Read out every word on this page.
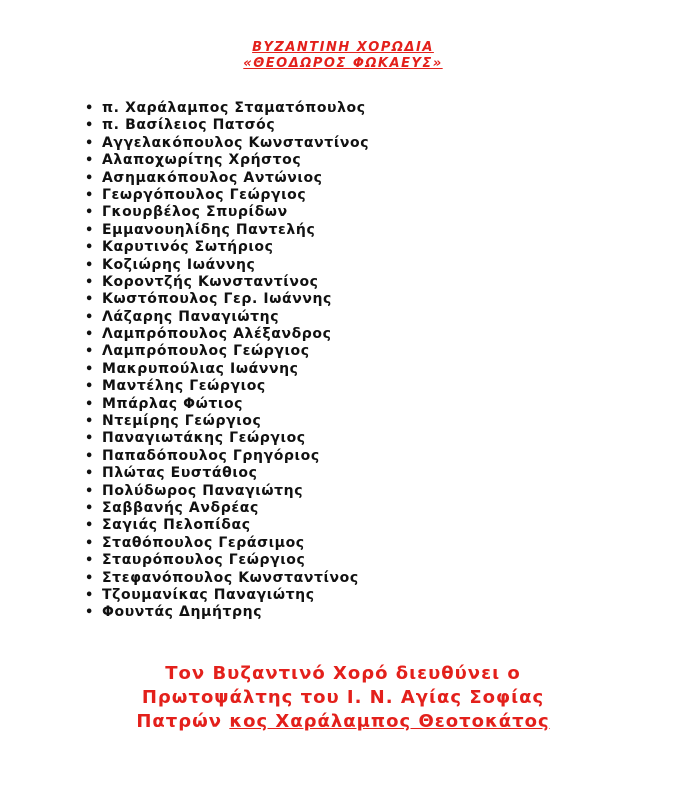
ΒΥΖΑΝΤΙΝΗ ΧΟΡΩΔΙΑ
«ΘΕΟΔΩΡΟΣ ΦΩΚΑΕΥΣ»
• π. Χαράλαμπος Σταματόπουλος
• π. Βασίλειος Πατσός
• Αγγελακόπουλος Κωνσταντίνος
• Αλαποχωρίτης Χρήστος
• Ασημακόπουλος Αντώνιος
• Γεωργόπουλος Γεώργιος
• Γκουρβέλος Σπυρίδων
• Εμμανουηλίδης Παντελής
• Καρυτινός Σωτήριος
• Κοζιώρης Ιωάννης
• Κοροντζής Κωνσταντίνος
• Κωστόπουλος Γερ. Ιωάννης
• Λάζαρης Παναγιώτης
• Λαμπρόπουλος Αλέξανδρος
• Λαμπρόπουλος Γεώργιος
• Μακρυπούλιας Ιωάννης
• Μαντέλης Γεώργιος
• Μπάρλας Φώτιος
• Ντεμίρης Γεώργιος
• Παναγιωτάκης Γεώργιος
• Παπαδόπουλος Γρηγόριος
• Πλώτας Ευστάθιος
• Πολύδωρος Παναγιώτης
• Σαββανής Ανδρέας
• Σαγιάς Πελοπίδας
• Σταθόπουλος Γεράσιμος
• Σταυρόπουλος Γεώργιος
• Στεφανόπουλος Κωνσταντίνος
• Τζουμανίκας Παναγιώτης
• Φουντάς Δημήτρης
Τον Βυζαντινό Χορό διευθύνει ο
Πρωτοψάλτης του Ι. Ν. Αγίας Σοφίας
Πατρών κος Χαράλαμπος Θεοτοκάτος
